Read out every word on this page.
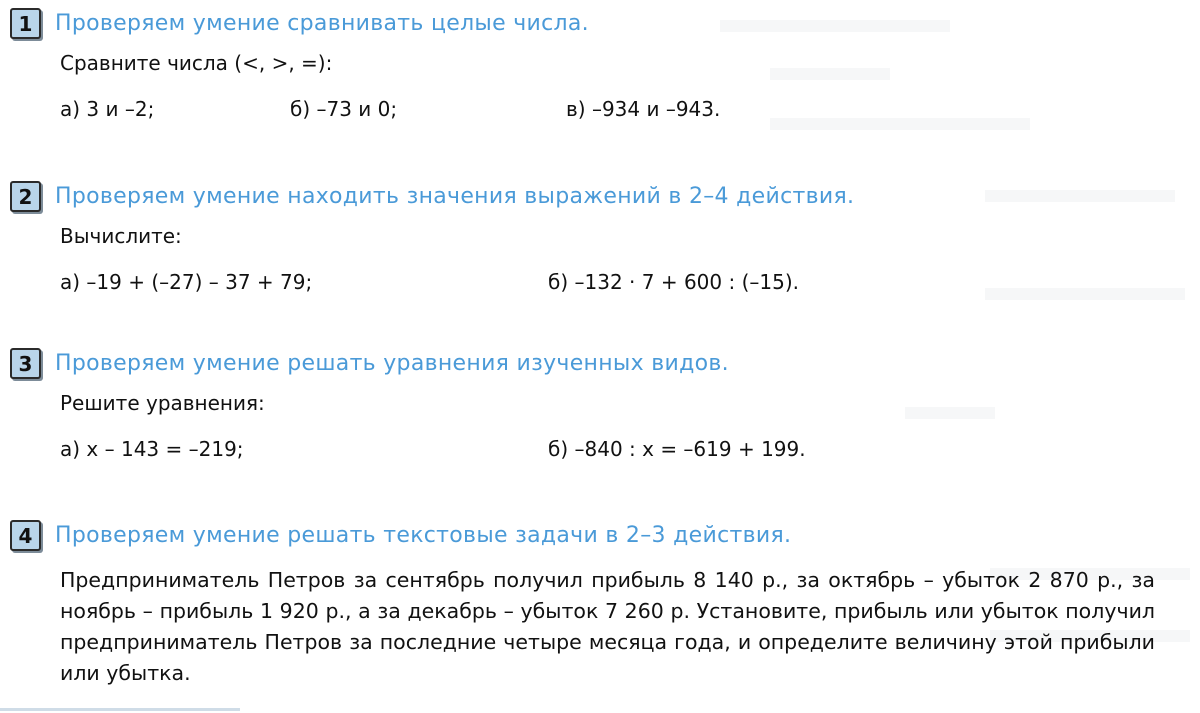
1	Проверяем умение сравнивать целые числа.
Сравните числа (<, >, =):
а) 3 и –2;	б) –73 и 0;	в) –934 и –943.
2	Проверяем умение находить значения выражений в 2–4 действия.
Вычислите:
а) –19 + (–27) – 37 + 79;	б) –132 · 7 + 600 : (–15).
3	Проверяем умение решать уравнения изученных видов.
Решите уравнения:
а) x – 143 = –219;	б) –840 : x = –619 + 199.
4	Проверяем умение решать текстовые задачи в 2–3 действия.
Предприниматель Петров за сентябрь получил прибыль 8 140 р., за октябрь – убыток 2 870 р., за ноябрь – прибыль 1 920 р., а за декабрь – убыток 7 260 р. Установите, прибыль или убыток получил предприниматель Петров за последние четыре месяца года, и определите величину этой прибыли или убытка.
